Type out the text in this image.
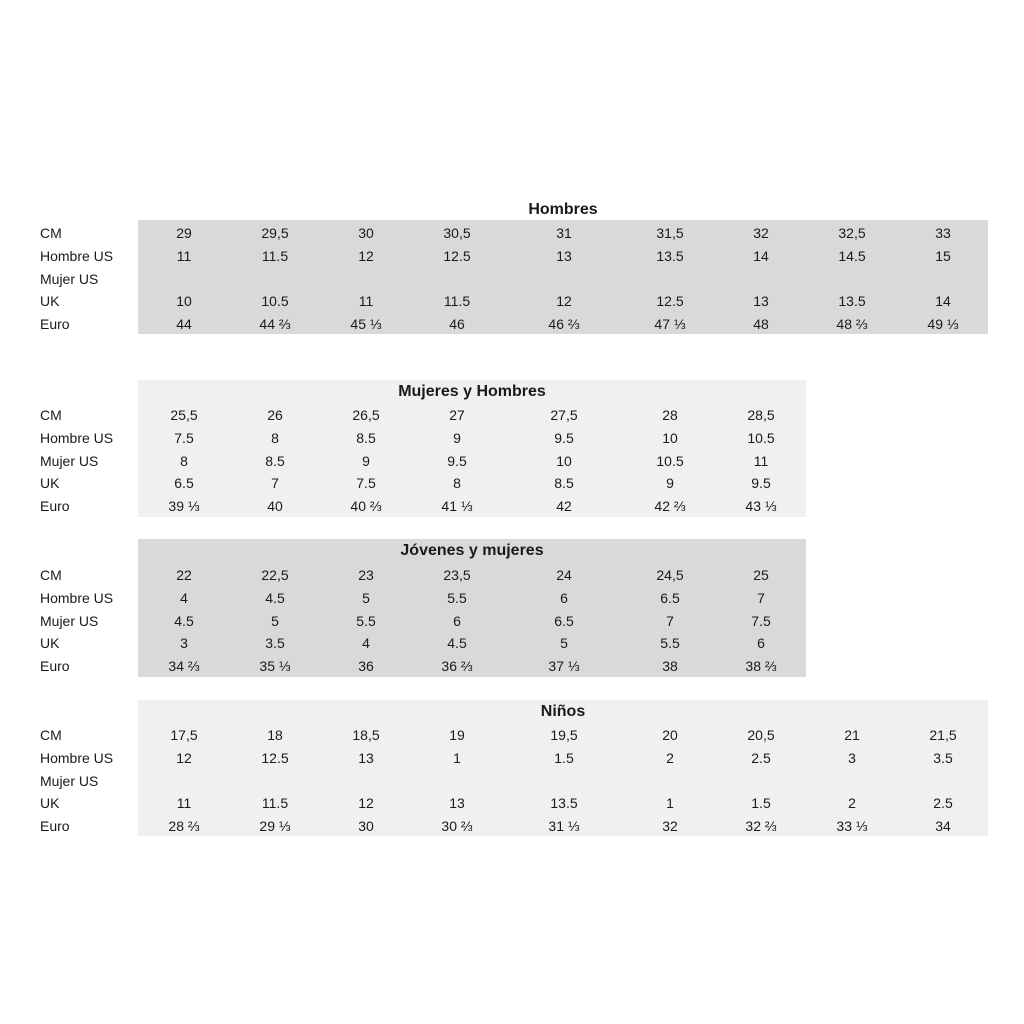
Hombres
CM	29	29,5	30	30,5	31	31,5	32	32,5	33
Hombre US	11	11.5	12	12.5	13	13.5	14	14.5	15
Mujer US
UK	10	10.5	11	11.5	12	12.5	13	13.5	14
Euro	44	44 ⅔	45 ⅓	46	46 ⅔	47 ⅓	48	48 ⅔	49 ⅓
Mujeres y Hombres
CM	25,5	26	26,5	27	27,5	28	28,5
Hombre US	7.5	8	8.5	9	9.5	10	10.5
Mujer US	8	8.5	9	9.5	10	10.5	11
UK	6.5	7	7.5	8	8.5	9	9.5
Euro	39 ⅓	40	40 ⅔	41 ⅓	42	42 ⅔	43 ⅓
Jóvenes y mujeres
CM	22	22,5	23	23,5	24	24,5	25
Hombre US	4	4.5	5	5.5	6	6.5	7
Mujer US	4.5	5	5.5	6	6.5	7	7.5
UK	3	3.5	4	4.5	5	5.5	6
Euro	34 ⅔	35 ⅓	36	36 ⅔	37 ⅓	38	38 ⅔
Niños
CM	17,5	18	18,5	19	19,5	20	20,5	21	21,5
Hombre US	12	12.5	13	1	1.5	2	2.5	3	3.5
Mujer US
UK	11	11.5	12	13	13.5	1	1.5	2	2.5
Euro	28 ⅔	29 ⅓	30	30 ⅔	31 ⅓	32	32 ⅔	33 ⅓	34
